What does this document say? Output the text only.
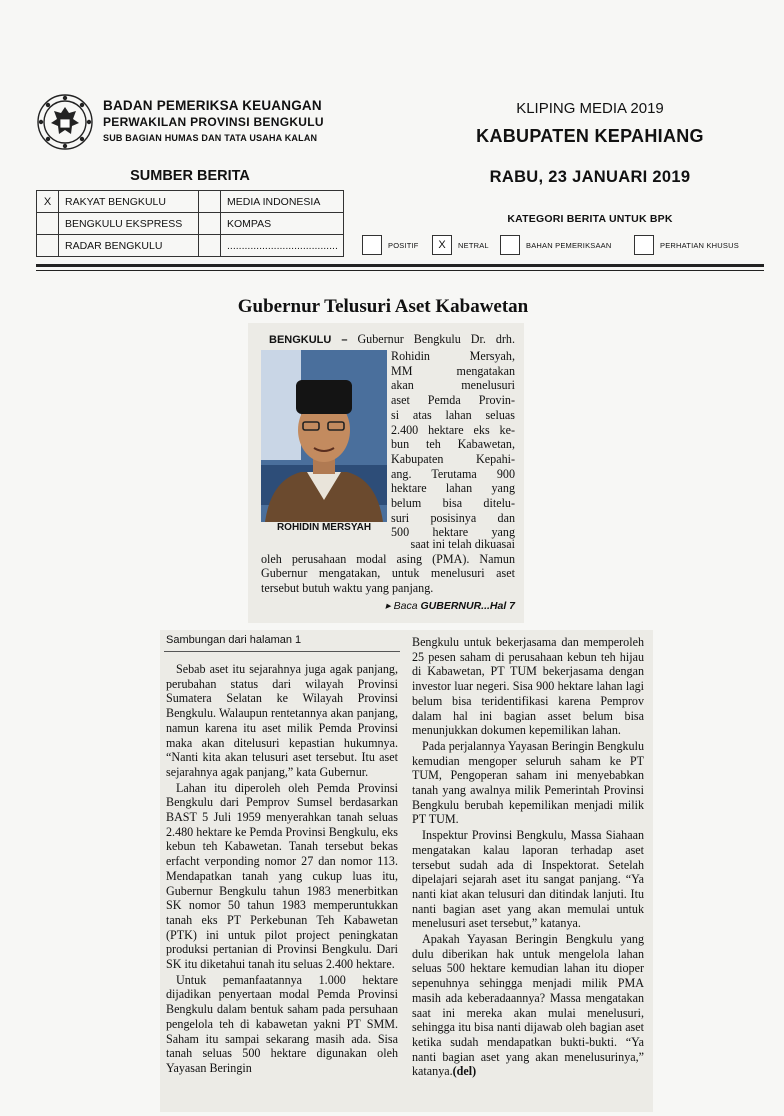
BADAN PEMERIKSA KEUANGAN
PERWAKILAN PROVINSI BENGKULU
SUB BAGIAN HUMAS DAN TATA USAHA KALAN
KLIPING MEDIA 2019
KABUPATEN KEPAHIANG
RABU, 23 JANUARI 2019
SUMBER BERITA
X	RAKYAT BENGKULU		MEDIA INDONESIA
	BENGKULU EKSPRESS		KOMPAS
	RADAR BENGKULU		......................................
KATEGORI BERITA UNTUK BPK
POSITIF	X	NETRAL	BAHAN PEMERIKSAAN	PERHATIAN KHUSUS
Gubernur Telusuri Aset Kabawetan
ROHIDIN MERSYAH

BENGKULU – Gubernur Bengkulu Dr. drh.

Rohidin Mersyah,

MM mengatakan

akan menelusuri

aset Pemda Provin-

si atas lahan seluas

2.400 hektare eks ke-

bun teh Kabawetan,

Kabupaten Kepahi-

ang. Terutama 900

hektare lahan yang

belum bisa ditelu-

suri posisinya dan

500 hektare yang

saat ini telah dikuasai

oleh perusahaan modal asing (PMA). Namun Gubernur mengatakan, untuk menelusuri aset tersebut butuh waktu yang panjang.

▸ Baca GUBERNUR...Hal 7
Sambungan dari halaman 1

Sebab aset itu sejarahnya juga agak panjang, perubahan status dari wilayah Provinsi Sumatera Selatan ke Wilayah Provinsi Bengkulu. Walaupun rentetannya akan panjang, namun karena itu aset milik Pemda Provinsi maka akan ditelusuri kepastian hukumnya. “Nanti kita akan telusuri aset tersebut. Itu aset sejarahnya agak panjang,” kata Gubernur.

Lahan itu diperoleh oleh Pemda Provinsi Bengkulu dari Pemprov Sumsel berdasarkan BAST 5 Juli 1959 menyerahkan tanah seluas 2.480 hektare ke Pemda Provinsi Bengkulu, eks kebun teh Kabawetan. Tanah tersebut bekas erfacht verponding nomor 27 dan nomor 113. Mendapatkan tanah yang cukup luas itu, Gubernur Bengkulu tahun 1983 menerbitkan SK nomor 50 tahun 1983 memperuntukkan tanah eks PT Perkebunan Teh Kabawetan (PTK) ini untuk pilot project peningkatan produksi pertanian di Provinsi Bengkulu. Dari SK itu diketahui tanah itu seluas 2.400 hektare.

Untuk pemanfaatannya 1.000 hektare dijadikan penyertaan modal Pemda Provinsi Bengkulu dalam bentuk saham pada persuhaan pengelola teh di kabawetan yakni PT SMM. Saham itu sampai sekarang masih ada. Sisa tanah seluas 500 hektare digunakan oleh Yayasan Beringin

Bengkulu untuk bekerjasama dan memperoleh 25 pesen saham di perusahaan kebun teh hijau di Kabawetan, PT TUM bekerjasama dengan investor luar negeri. Sisa 900 hektare lahan lagi belum bisa teridentifikasi karena Pemprov dalam hal ini bagian asset belum bisa menunjukkan dokumen kepemilikan lahan.

Pada perjalannya Yayasan Beringin Bengkulu kemudian mengoper seluruh saham ke PT TUM, Pengoperan saham ini menyebabkan tanah yang awalnya milik Pemerintah Provinsi Bengkulu berubah kepemilikan menjadi milik PT TUM.

Inspektur Provinsi Bengkulu, Massa Siahaan mengatakan kalau laporan terhadap aset tersebut sudah ada di Inspektorat. Setelah dipelajari sejarah aset itu sangat panjang. “Ya nanti kiat akan telusuri dan ditindak lanjuti. Itu nanti bagian aset yang akan memulai untuk menelusuri aset tersebut,” katanya.

Apakah Yayasan Beringin Bengkulu yang dulu diberikan hak untuk mengelola lahan seluas 500 hektare kemudian lahan itu dioper sepenuhnya sehingga menjadi milik PMA masih ada keberadaannya? Massa mengatakan saat ini mereka akan mulai menelusuri, sehingga itu bisa nanti dijawab oleh bagian aset ketika sudah mendapatkan bukti-bukti. “Ya nanti bagian aset yang akan menelusurinya,” katanya.(del)
